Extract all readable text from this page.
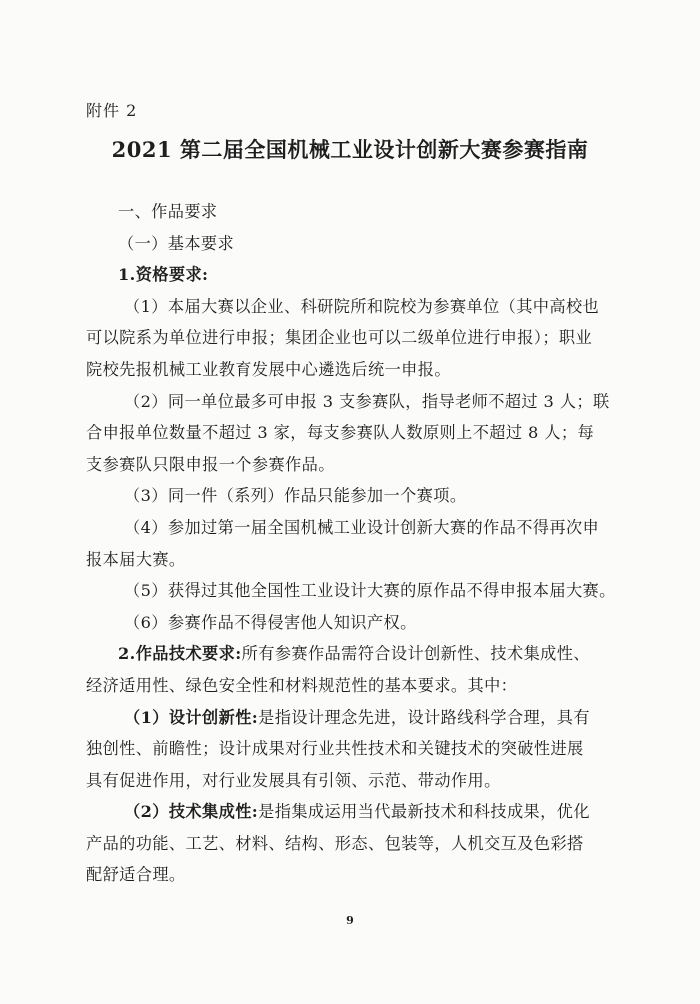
附件 2
2021 第二届全国机械工业设计创新大赛参赛指南
一、作品要求
（一）基本要求
1.资格要求:
（1）本届大赛以企业、科研院所和院校为参赛单位（其中高校也
可以院系为单位进行申报；集团企业也可以二级单位进行申报）；职业
院校先报机械工业教育发展中心遴选后统一申报。
（2）同一单位最多可申报 3 支参赛队，指导老师不超过 3 人；联
合申报单位数量不超过 3 家，每支参赛队人数原则上不超过 8 人；每
支参赛队只限申报一个参赛作品。
（3）同一件（系列）作品只能参加一个赛项。
（4）参加过第一届全国机械工业设计创新大赛的作品不得再次申
报本届大赛。
（5）获得过其他全国性工业设计大赛的原作品不得申报本届大赛。
（6）参赛作品不得侵害他人知识产权。
2.作品技术要求:所有参赛作品需符合设计创新性、技术集成性、
经济适用性、绿色安全性和材料规范性的基本要求。其中：
（1）设计创新性:是指设计理念先进，设计路线科学合理，具有
独创性、前瞻性；设计成果对行业共性技术和关键技术的突破性进展
具有促进作用，对行业发展具有引领、示范、带动作用。
（2）技术集成性:是指集成运用当代最新技术和科技成果，优化
产品的功能、工艺、材料、结构、形态、包装等，人机交互及色彩搭
配舒适合理。
9
